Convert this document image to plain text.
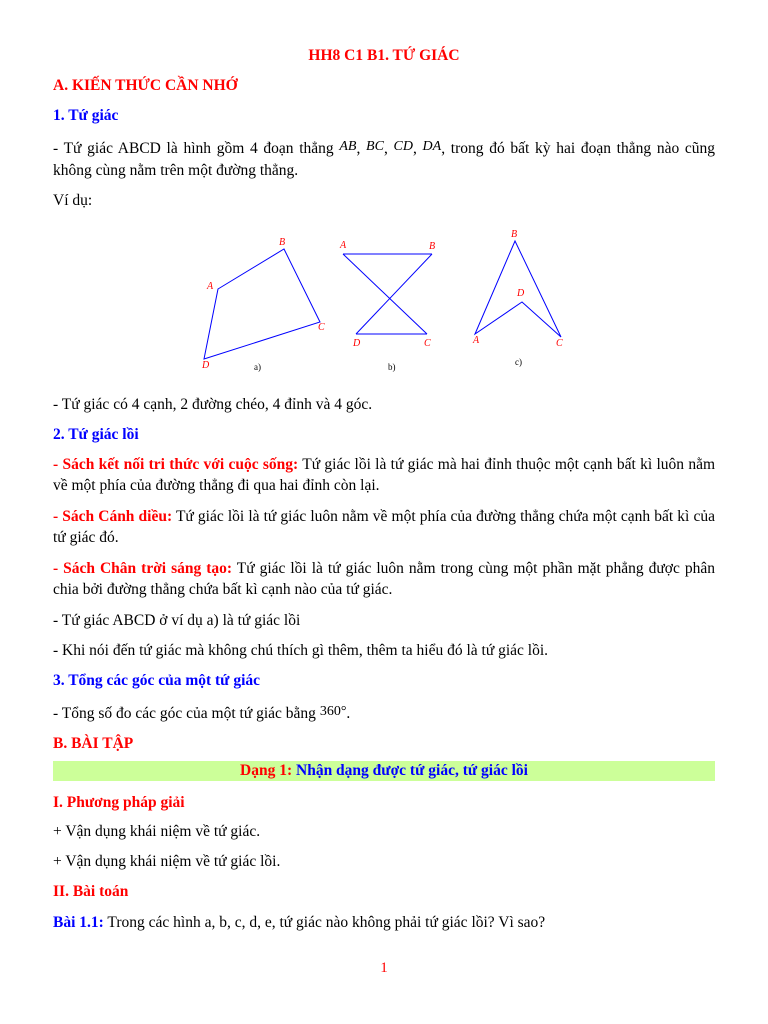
HH8 C1 B1. TỨ GIÁC
A. KIẾN THỨC CẦN NHỚ
1. Tứ giác
- Tứ giác ABCD là hình gồm 4 đoạn thẳng AB, BC, CD, DA, trong đó bất kỳ hai đoạn thẳng nào cũng không cùng nằm trên một đường thẳng.
Ví dụ:
A
B
C
D
A	B
C
D	A
B
C
D
a)	b)	c)
- Tứ giác có 4 cạnh, 2 đường chéo, 4 đỉnh và 4 góc.
2. Tứ giác lồi
- Sách kết nối tri thức với cuộc sống: Tứ giác lồi là tứ giác mà hai đỉnh thuộc một cạnh bất kì luôn nằm về một phía của đường thẳng đi qua hai đỉnh còn lại.
- Sách Cánh diều: Tứ giác lồi là tứ giác luôn nằm về một phía của đường thẳng chứa một cạnh bất kì của tứ giác đó.
- Sách Chân trời sáng tạo: Tứ giác lồi là tứ giác luôn nằm trong cùng một phần mặt phẳng được phân chia bởi đường thẳng chứa bất kì cạnh nào của tứ giác.
- Tứ giác ABCD ở ví dụ a) là tứ giác lồi
- Khi nói đến tứ giác mà không chú thích gì thêm, thêm ta hiểu đó là tứ giác lồi.
3. Tổng các góc của một tứ giác
- Tổng số đo các góc của một tứ giác bằng 360°.
B. BÀI TẬP
Dạng 1: Nhận dạng được tứ giác, tứ giác lồi
I. Phương pháp giải
+ Vận dụng khái niệm về tứ giác.
+ Vận dụng khái niệm về tứ giác lồi.
II. Bài toán
Bài 1.1: Trong các hình a, b, c, d, e, tứ giác nào không phải tứ giác lồi? Vì sao?
1
